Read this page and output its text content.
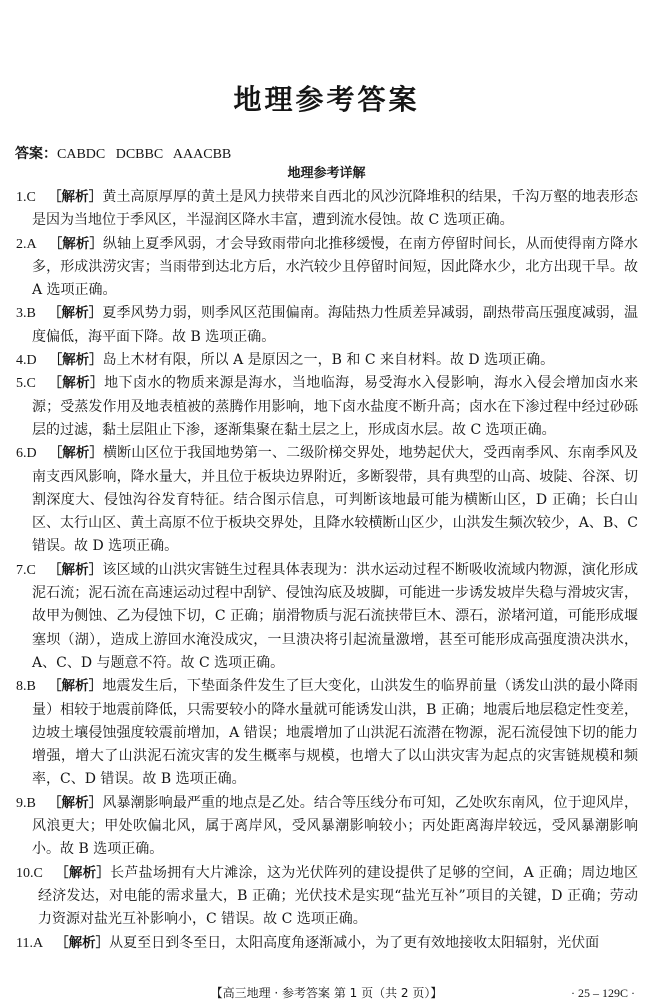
地理参考答案
答案：CABDC   DCBBC   AAACBB
地理参考详解

1.C ［解析］黄土高原厚厚的黄土是风力挟带来自西北的风沙沉降堆积的结果，千沟万壑的地表形态是因为当地位于季风区，半湿润区降水丰富，遭到流水侵蚀。故 C 选项正确。

2.A ［解析］纵轴上夏季风弱，才会导致雨带向北推移缓慢，在南方停留时间长，从而使得南方降水多，形成洪涝灾害；当雨带到达北方后，水汽较少且停留时间短，因此降水少，北方出现干旱。故 A 选项正确。

3.B ［解析］夏季风势力弱，则季风区范围偏南。海陆热力性质差异减弱，副热带高压强度减弱，温度偏低，海平面下降。故 B 选项正确。

4.D ［解析］岛上木材有限，所以 A 是原因之一，B 和 C 来自材料。故 D 选项正确。

5.C ［解析］地下卤水的物质来源是海水，当地临海，易受海水入侵影响，海水入侵会增加卤水来源；受蒸发作用及地表植被的蒸腾作用影响，地下卤水盐度不断升高；卤水在下渗过程中经过砂砾层的过滤，黏土层阻止下渗，逐渐集聚在黏土层之上，形成卤水层。故 C 选项正确。

6.D ［解析］横断山区位于我国地势第一、二级阶梯交界处，地势起伏大，受西南季风、东南季风及南支西风影响，降水量大，并且位于板块边界附近，多断裂带，具有典型的山高、坡陡、谷深、切割深度大、侵蚀沟谷发育特征。结合图示信息，可判断该地最可能为横断山区，D 正确；长白山区、太行山区、黄土高原不位于板块交界处，且降水较横断山区少，山洪发生频次较少，A、B、C 错误。故 D 选项正确。

7.C ［解析］该区域的山洪灾害链生过程具体表现为：洪水运动过程不断吸收流域内物源，演化形成泥石流；泥石流在高速运动过程中刮铲、侵蚀沟底及坡脚，可能进一步诱发坡岸失稳与滑坡灾害，故甲为侧蚀、乙为侵蚀下切，C 正确；崩滑物质与泥石流挟带巨木、漂石，淤堵河道，可能形成堰塞坝（湖），造成上游回水淹没成灾，一旦溃决将引起流量激增，甚至可能形成高强度溃决洪水，A、C、D 与题意不符。故 C 选项正确。

8.B ［解析］地震发生后，下垫面条件发生了巨大变化，山洪发生的临界前量（诱发山洪的最小降雨量）相较于地震前降低，只需要较小的降水量就可能诱发山洪，B 正确；地震后地层稳定性变差，边坡土壤侵蚀强度较震前增加，A 错误；地震增加了山洪泥石流潜在物源，泥石流侵蚀下切的能力增强，增大了山洪泥石流灾害的发生概率与规模，也增大了以山洪灾害为起点的灾害链规模和频率，C、D 错误。故 B 选项正确。

9.B ［解析］风暴潮影响最严重的地点是乙处。结合等压线分布可知，乙处吹东南风，位于迎风岸，风浪更大；甲处吹偏北风，属于离岸风，受风暴潮影响较小；丙处距离海岸较远，受风暴潮影响小。故 B 选项正确。

10.C ［解析］长芦盐场拥有大片滩涂，这为光伏阵列的建设提供了足够的空间，A 正确；周边地区经济发达，对电能的需求量大，B 正确；光伏技术是实现“盐光互补”项目的关键，D 正确；劳动力资源对盐光互补影响小，C 错误。故 C 选项正确。

11.A ［解析］从夏至日到冬至日，太阳高度角逐渐减小，为了更有效地接收太阳辐射，光伏面

【高三地理 · 参考答案 第 1 页（共 2 页）】	· 25 – 129C ·
